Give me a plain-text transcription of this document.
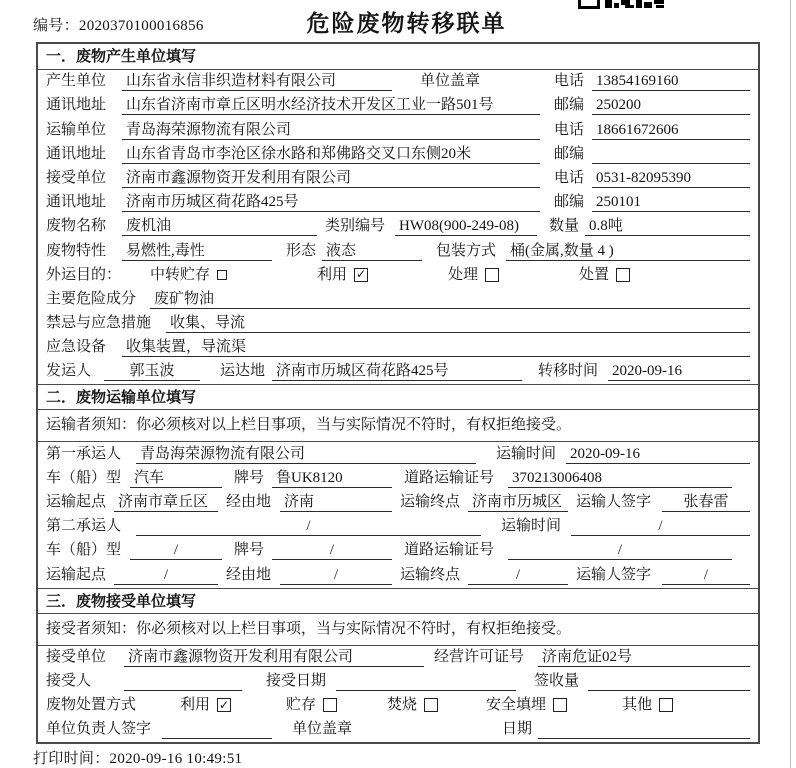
编号：2020370100016856	危险废物转移联单
一．废物产生单位填写
产生单位	山东省永信非织造材料有限公司	单位盖章	电话 13854169160
通讯地址	山东省济南市章丘区明水经济技术开发区工业一路501号	邮编 250200
运输单位	青岛海荣源物流有限公司	电话 18661672606
通讯地址	山东省青岛市李沧区徐水路和郑佛路交叉口东侧20米	邮编
接受单位	济南市鑫源物资开发利用有限公司	电话 0531-82095390
通讯地址	济南市历城区荷花路425号	邮编 250101
废物名称	废机油	类别编号 HW08(900-249-08)	数量 0.8吨
废物特性	易燃性,毒性	形态 液态	包装方式 桶(金属,数量 4 )
外运目的：	中转贮存	利用 ✓	处理	处置
主要危险成分	废矿物油
禁忌与应急措施	收集、导流
应急设备	收集装置，导流渠
发运人	郭玉波	运达地 济南市历城区荷花路425号	转移时间 2020-09-16
二．废物运输单位填写
运输者须知：你必须核对以上栏目事项，当与实际情况不符时，有权拒绝接受。
第一承运人	青岛海荣源物流有限公司	运输时间 2020-09-16
车（船）型 汽车	牌号 鲁UK8120	道路运输证号	370213006408
运输起点 济南市章丘区	经由地 济南	运输终点 济南市历城区 运输人签字	张春雷
第二承运人	/	运输时间	/
车（船）型	/	牌号	/	道路运输证号	/
运输起点	/	经由地	/	运输终点	/	运输人签字	/
三．废物接受单位填写
接受者须知：你必须核对以上栏目事项，当与实际情况不符时，有权拒绝接受。
接受单位	济南市鑫源物资开发利用有限公司	经营许可证号	济南危证02号
接受人	接受日期	签收量
废物处置方式	利用 ✓	贮存	焚烧	安全填埋	其他
单位负责人签字	单位盖章	日期
打印时间：2020-09-16 10:49:51
